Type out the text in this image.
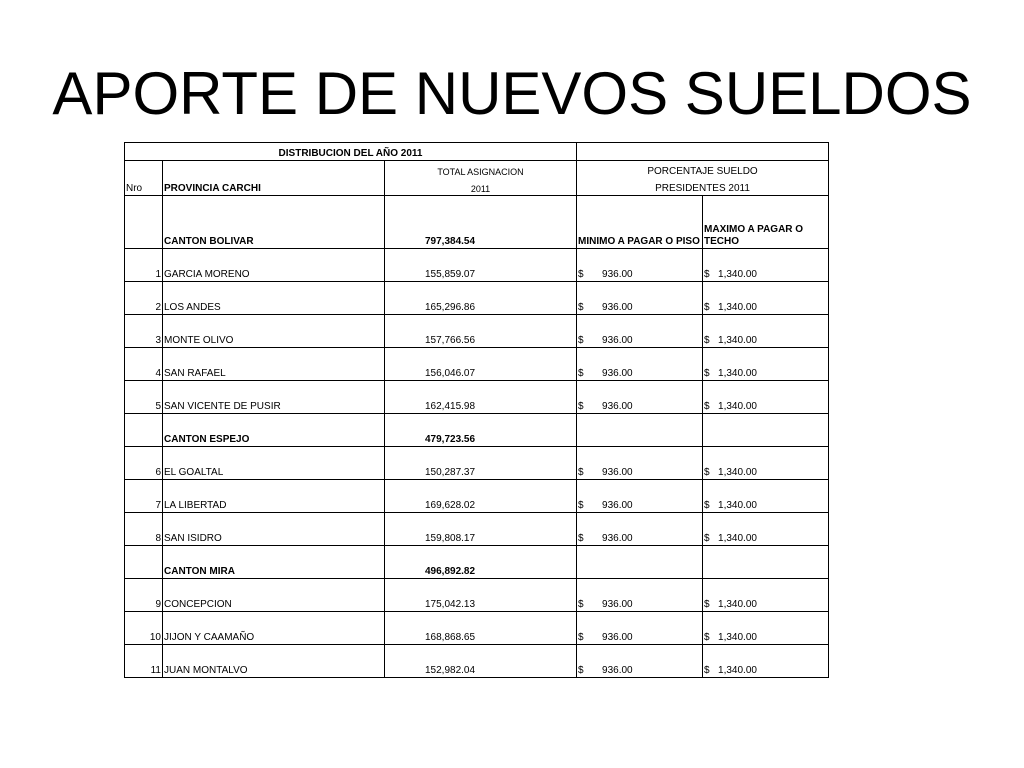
APORTE DE NUEVOS SUELDOS
DISTRIBUCION DEL AÑO 2011				
		TOTAL ASIGNACION	PORCENTAJE SUELDO	
Nro	PROVINCIA CARCHI	2011	PRESIDENTES 2011	
	CANTON BOLIVAR	797,384.54	MINIMO A PAGAR O PISO	MAXIMO A PAGAR O TECHO
1	GARCIA MORENO	155,859.07	$ 936.00	$ 1,340.00

2	LOS ANDES	165,296.86	$ 936.00	$ 1,340.00

3	MONTE OLIVO	157,766.56	$ 936.00	$ 1,340.00

4	SAN RAFAEL	156,046.07	$ 936.00	$ 1,340.00

5	SAN VICENTE DE PUSIR	162,415.98	$ 936.00	$ 1,340.00

	CANTON ESPEJO	479,723.56		
6	EL GOALTAL	150,287.37	$ 936.00	$ 1,340.00

7	LA LIBERTAD	169,628.02	$ 936.00	$ 1,340.00

8	SAN ISIDRO	159,808.17	$ 936.00	$ 1,340.00

	CANTON MIRA	496,892.82		
9	CONCEPCION	175,042.13	$ 936.00	$ 1,340.00

10	JIJON Y CAAMAÑO	168,868.65	$ 936.00	$ 1,340.00

11	JUAN MONTALVO	152,982.04	$ 936.00	$ 1,340.00
